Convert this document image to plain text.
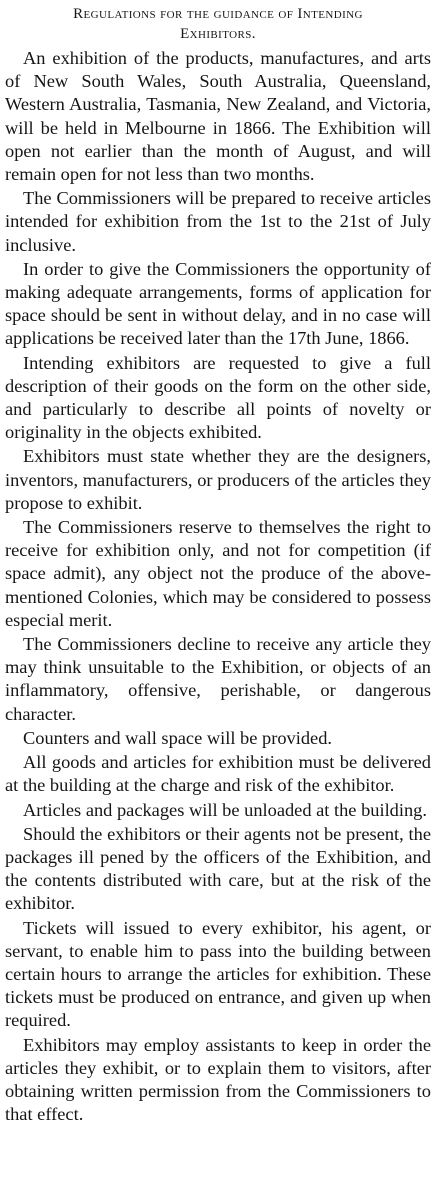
Regulations for the guidance of Intending
Exhibitors.

An exhibition of the products, manufactures, and arts of New South Wales, South Australia, Queensland, Western Australia, Tasmania, New Zealand, and Victoria, will be held in Melbourne in 1866. The Exhibition will open not earlier than the month of August, and will remain open for not less than two months.

The Commissioners will be prepared to receive articles intended for exhibition from the 1st to the 21st of July inclusive.

In order to give the Commissioners the opportunity of making adequate arrangements, forms of application for space should be sent in without delay, and in no case will applications be received later than the 17th June, 1866.

Intending exhibitors are requested to give a full description of their goods on the form on the other side, and particularly to describe all points of novelty or originality in the objects exhibited.

Exhibitors must state whether they are the designers, inventors, manufacturers, or producers of the articles they propose to exhibit.

The Commissioners reserve to themselves the right to receive for exhibition only, and not for competition (if space admit), any object not the produce of the above-mentioned Colonies, which may be considered to possess especial merit.

The Commissioners decline to receive any article they may think unsuitable to the Exhibition, or objects of an inflammatory, offensive, perishable, or dangerous character.

Counters and wall space will be provided.

All goods and articles for exhibition must be delivered at the building at the charge and risk of the exhibitor.

Articles and packages will be unloaded at the building.

Should the exhibitors or their agents not be present, the packages ill pened by the officers of the Exhibition, and the contents distributed with care, but at the risk of the exhibitor.

Tickets will issued to every exhibitor, his agent, or servant, to enable him to pass into the building between certain hours to arrange the articles for exhibition. These tickets must be produced on entrance, and given up when required.

Exhibitors may employ assistants to keep in order the articles they exhibit, or to explain them to visitors, after obtaining written permission from the Commissioners to that effect.
